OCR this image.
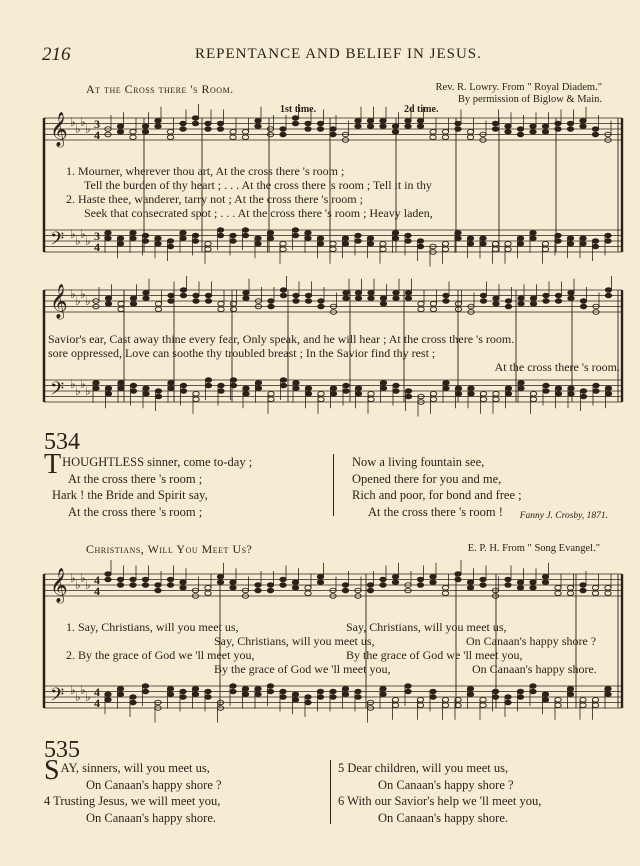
216	REPENTANCE AND BELIEF IN JESUS.
At the Cross there 's Room.	Rev. R. Lowry. From " Royal Diadem."
By permission of Biglow & Main.
1st time.	2d time.
𝄞 ♭ ♭ ♭ ♭ 3
4
𝄢 ♭ ♭ ♭ ♭ 3
4
1. Mourner, wherever thou art, At the cross there 's room ;
Tell the burden of thy heart ; . . . At the cross there 's room ; Tell it in thy
2. Haste thee, wanderer, tarry not ; At the cross there 's room ;
Seek that consecrated spot ; . . . At the cross there 's room ; Heavy laden,
𝄞 ♭ ♭ ♭ ♭
𝄢 ♭ ♭ ♭ ♭
Savior's ear, Cast away thine every fear, Only speak, and he will hear ; At the cross there 's room.
sore oppressed, Love can soothe thy troubled breast ; In the Savior find thy rest ;
At the cross there 's room.
534
THOUGHTLESS sinner, come to-day ;
At the cross there 's room ;
Hark ! the Bride and Spirit say,
At the cross there 's room ;
Now a living fountain see,
Opened there for you and me,
Rich and poor, for bond and free ;
At the cross there 's room !	Fanny J. Crosby, 1871.
Christians, Will You Meet Us?	E. P. H. From " Song Evangel."
𝄞 ♭ ♭ ♭ ♭ 4
4
𝄢 ♭ ♭ ♭ ♭ 4
4
1. Say, Christians, will you meet us,	Say, Christians, will you meet us,
Say, Christians, will you meet us,	On Canaan's happy shore ?
2. By the grace of God we 'll meet you,	By the grace of God we 'll meet you,
By the grace of God we 'll meet you,	On Canaan's happy shore.
535
SAY, sinners, will you meet us,
On Canaan's happy shore ?
4 Trusting Jesus, we will meet you,
On Canaan's happy shore.
5 Dear children, will you meet us,
On Canaan's happy shore ?
6 With our Savior's help we 'll meet you,
On Canaan's happy shore.
